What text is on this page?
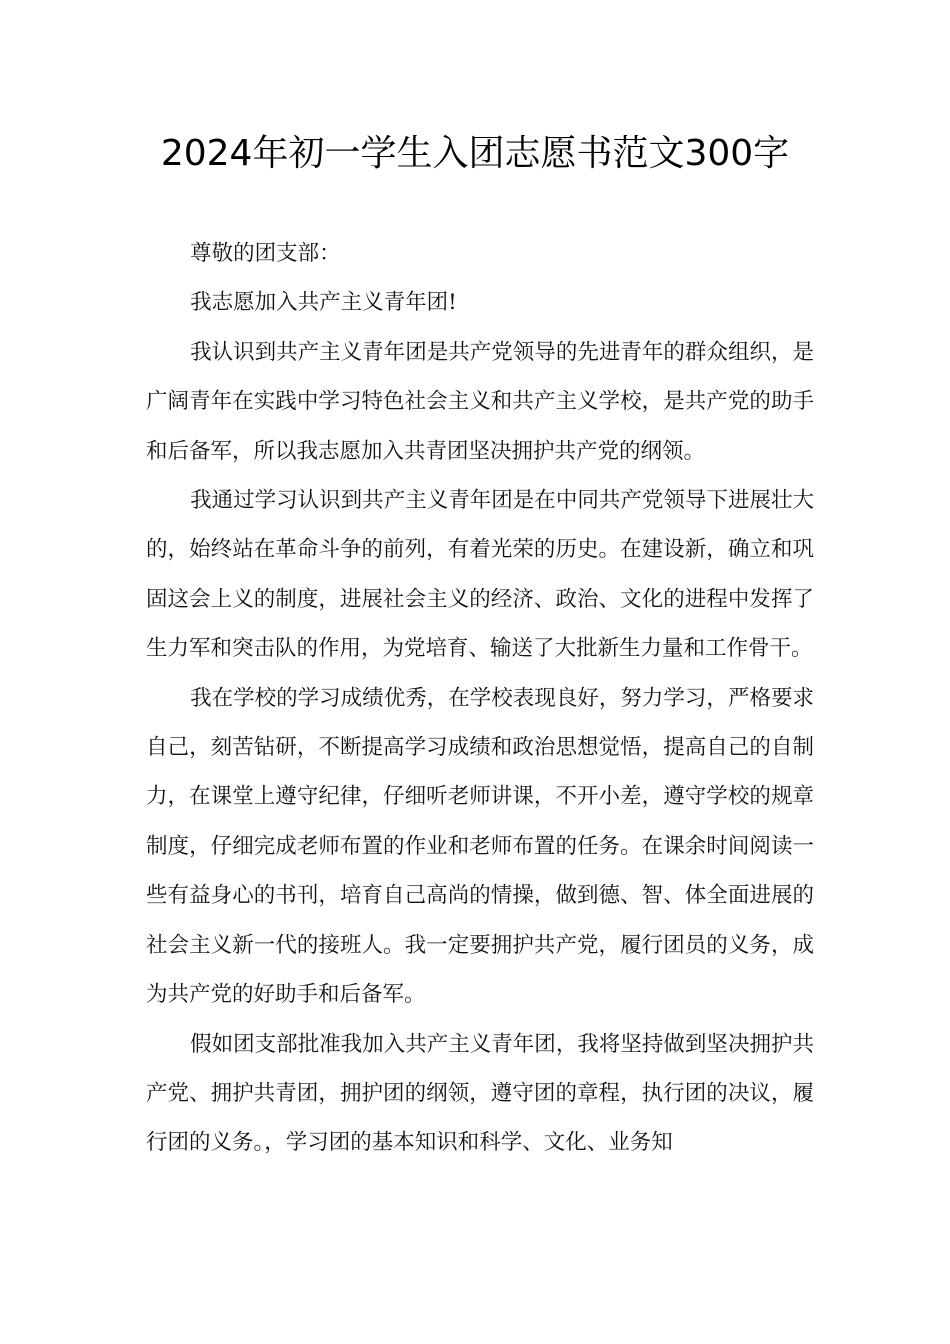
2024年初一学生入团志愿书范文300字

尊敬的团支部：

我志愿加入共产主义青年团!

我认识到共产主义青年团是共产党领导的先进青年的群众组织，是广阔青年在实践中学习特色社会主义和共产主义学校，是共产党的助手和后备军，所以我志愿加入共青团坚决拥护共产党的纲领。

我通过学习认识到共产主义青年团是在中同共产党领导下进展壮大的，始终站在革命斗争的前列，有着光荣的历史。在建设新，确立和巩固这会上义的制度，进展社会主义的经济、政治、文化的进程中发挥了生力军和突击队的作用，为党培育、输送了大批新生力量和工作骨干。

我在学校的学习成绩优秀，在学校表现良好，努力学习，严格要求自己，刻苦钻研，不断提高学习成绩和政治思想觉悟，提高自己的自制力，在课堂上遵守纪律，仔细听老师讲课，不开小差，遵守学校的规章制度，仔细完成老师布置的作业和老师布置的任务。在课余时间阅读一些有益身心的书刊，培育自己高尚的情操，做到德、智、体全面进展的社会主义新一代的接班人。我一定要拥护共产党，履行团员的义务，成为共产党的好助手和后备军。

假如团支部批准我加入共产主义青年团，我将坚持做到坚决拥护共产党、拥护共青团，拥护团的纲领，遵守团的章程，执行团的决议，履行团的义务。，学习团的基本知识和科学、文化、业务知
